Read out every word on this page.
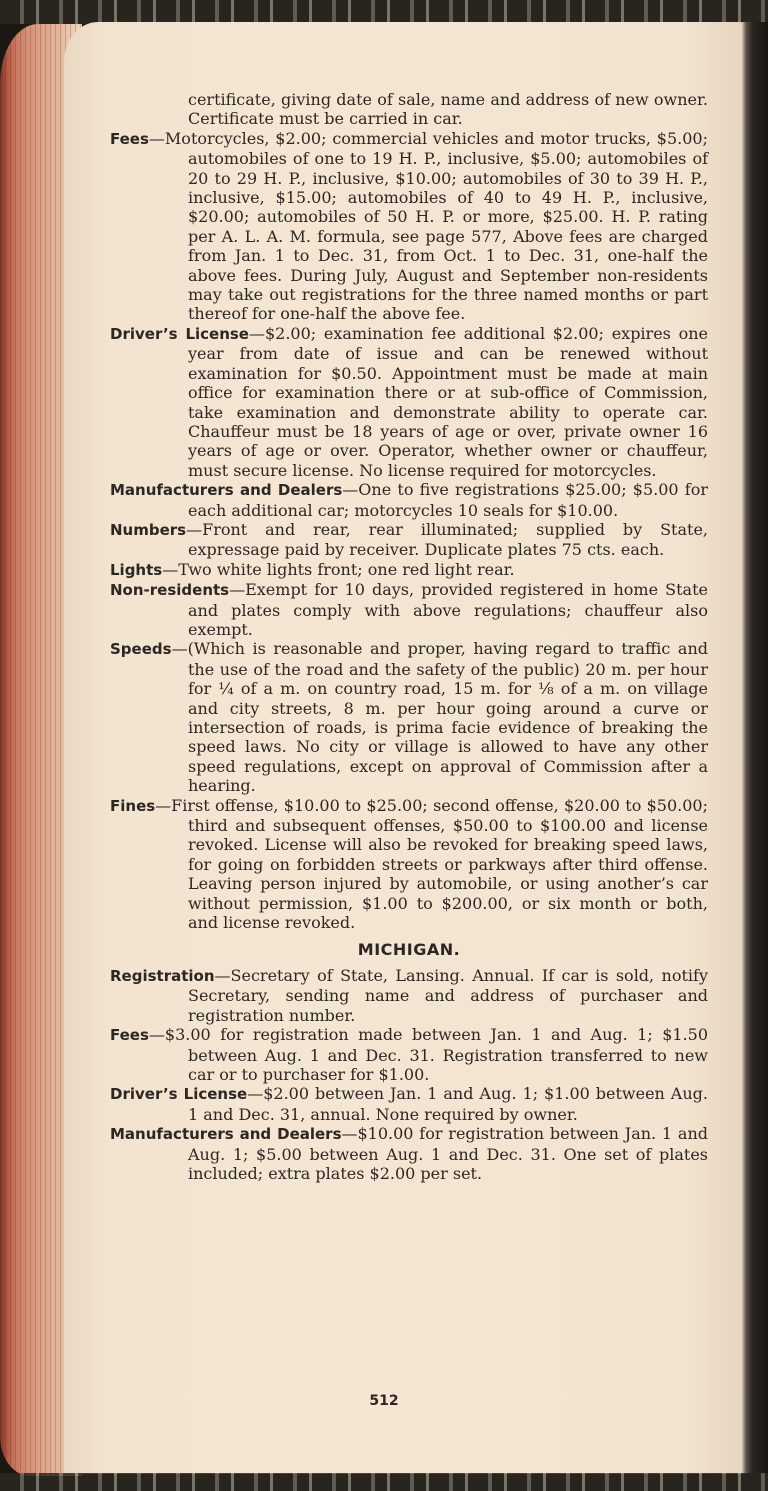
certificate, giving date of sale, name and address of new owner. Certificate must be carried in car.

Fees—Motorcycles, $2.00; commercial vehicles and motor trucks, $5.00; automobiles of one to 19 H. P., inclusive, $5.00; automobiles of 20 to 29 H. P., inclusive, $10.00; automobiles of 30 to 39 H. P., inclusive, $15.00; automobiles of 40 to 49 H. P., inclusive, $20.00; automobiles of 50 H. P. or more, $25.00. H. P. rating per A. L. A. M. formula, see page 577, Above fees are charged from Jan. 1 to Dec. 31, from Oct. 1 to Dec. 31, one-half the above fees. During July, August and September non-residents may take out registrations for the three named months or part thereof for one-half the above fee.

Driver’s License—$2.00; examination fee additional $2.00; expires one year from date of issue and can be renewed without examination for $0.50. Appointment must be made at main office for examination there or at sub-office of Commission, take examination and demonstrate ability to operate car. Chauffeur must be 18 years of age or over, private owner 16 years of age or over. Operator, whether owner or chauffeur, must secure license. No license required for motorcycles.

Manufacturers and Dealers—One to five registrations $25.00; $5.00 for each additional car; motorcycles 10 seals for $10.00.

Numbers—Front and rear, rear illuminated; supplied by State, expressage paid by receiver. Duplicate plates 75 cts. each.

Lights—Two white lights front; one red light rear.

Non-residents—Exempt for 10 days, provided registered in home State and plates comply with above regulations; chauffeur also exempt.

Speeds—(Which is reasonable and proper, having regard to traffic and the use of the road and the safety of the public) 20 m. per hour for ¼ of a m. on country road, 15 m. for ⅛ of a m. on village and city streets, 8 m. per hour going around a curve or intersection of roads, is prima facie evidence of breaking the speed laws. No city or village is allowed to have any other speed regulations, except on approval of Commission after a hearing.

Fines—First offense, $10.00 to $25.00; second offense, $20.00 to $50.00; third and subsequent offenses, $50.00 to $100.00 and license revoked. License will also be revoked for breaking speed laws, for going on forbidden streets or parkways after third offense. Leaving person injured by automobile, or using another’s car without permission, $1.00 to $200.00, or six month or both, and license revoked.

MICHIGAN.

Registration—Secretary of State, Lansing. Annual. If car is sold, notify Secretary, sending name and address of purchaser and registration number.

Fees—$3.00 for registration made between Jan. 1 and Aug. 1; $1.50 between Aug. 1 and Dec. 31. Registration transferred to new car or to purchaser for $1.00.

Driver’s License—$2.00 between Jan. 1 and Aug. 1; $1.00 between Aug. 1 and Dec. 31, annual. None required by owner.

Manufacturers and Dealers—$10.00 for registration between Jan. 1 and Aug. 1; $5.00 between Aug. 1 and Dec. 31. One set of plates included; extra plates $2.00 per set.

512
